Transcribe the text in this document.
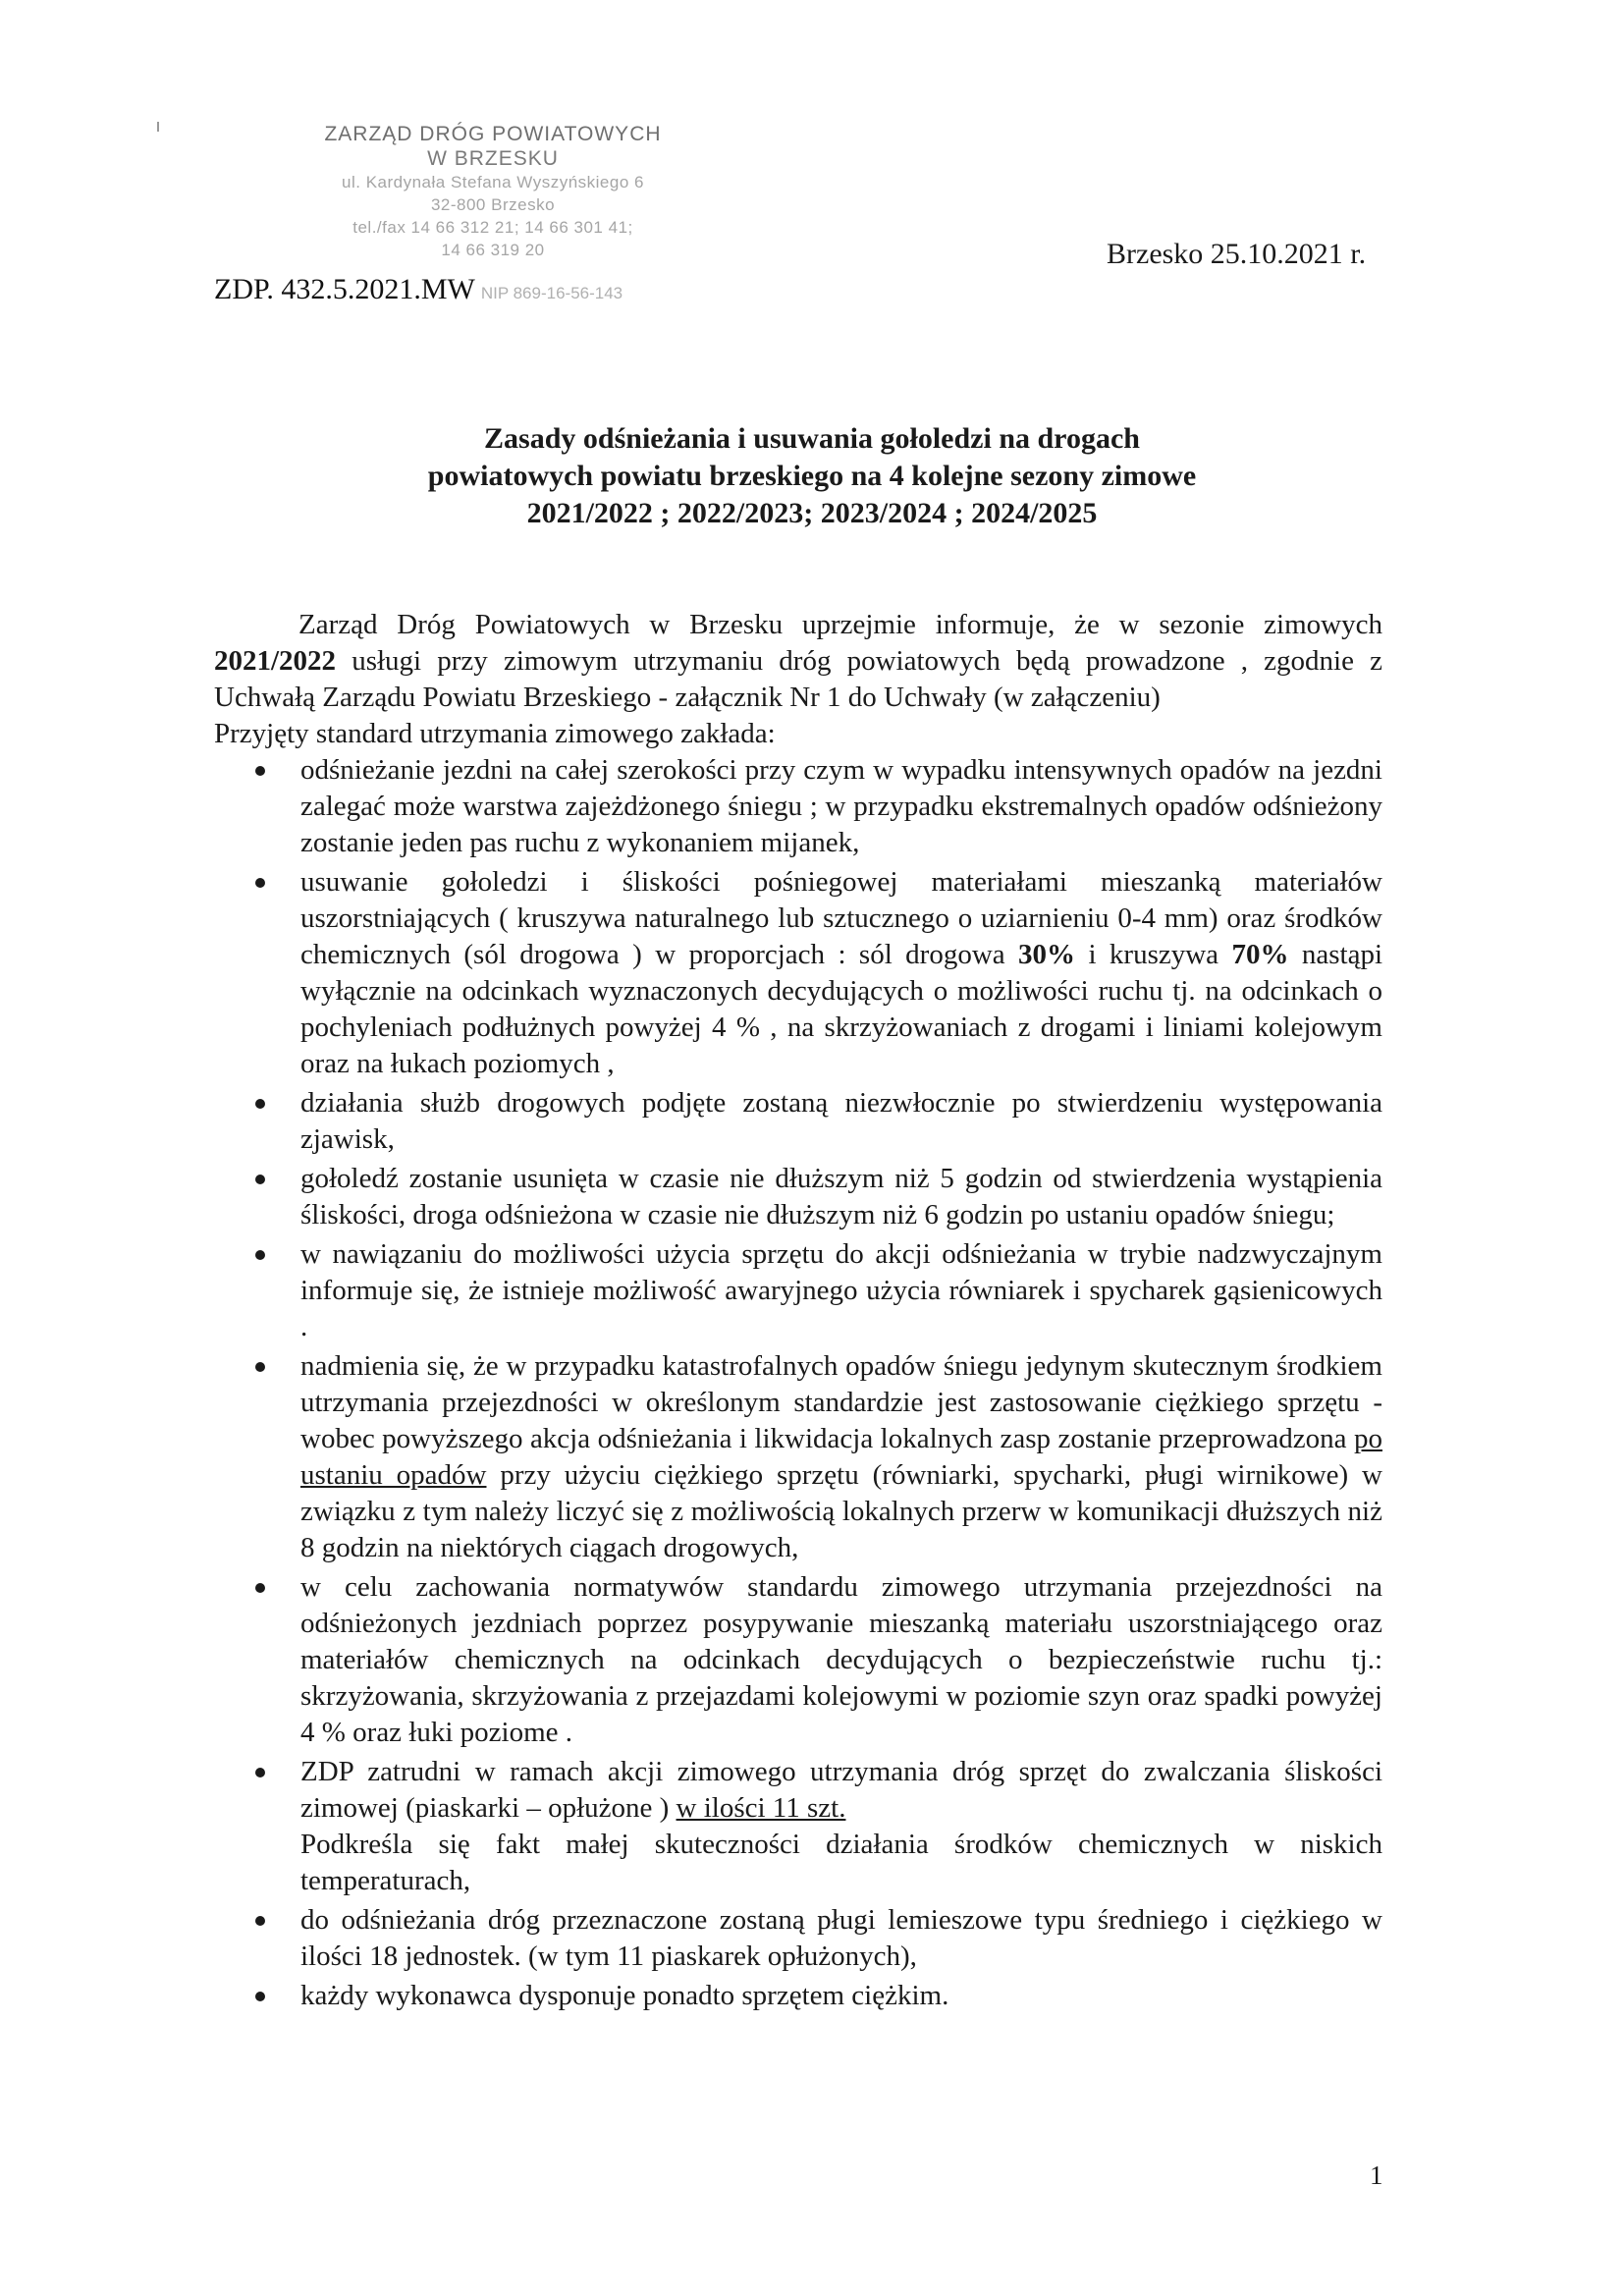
ZARZĄD DRÓG POWIATOWYCH
W BRZESKU
ul. Kardynała Stefana Wyszyńskiego 6
32-800 Brzesko
tel./fax 14 66 312 21; 14 66 301 41;
14 66 319 20
ZDP. 432.5.2021.MW NIP 869-16-56-143
Brzesko 25.10.2021 r.
Zasady odśnieżania i usuwania gołoledzi na drogach
powiatowych powiatu brzeskiego na 4 kolejne sezony zimowe
2021/2022 ; 2022/2023; 2023/2024 ; 2024/2025

Zarząd Dróg Powiatowych w Brzesku uprzejmie informuje, że w sezonie zimowych 2021/2022 usługi przy zimowym utrzymaniu dróg powiatowych będą prowadzone , zgodnie z Uchwałą Zarządu Powiatu Brzeskiego - załącznik Nr 1 do Uchwały (w załączeniu)

Przyjęty standard utrzymania zimowego zakłada:

odśnieżanie jezdni na całej szerokości przy czym w wypadku intensywnych opadów na jezdni zalegać może warstwa zajeżdżonego śniegu ; w przypadku ekstremalnych opadów odśnieżony zostanie jeden pas ruchu z wykonaniem mijanek,
usuwanie gołoledzi i śliskości pośniegowej materiałami mieszanką materiałów uszorstniających ( kruszywa naturalnego lub sztucznego o uziarnieniu 0-4 mm) oraz środków chemicznych (sól drogowa ) w proporcjach : sól drogowa 30% i kruszywa 70% nastąpi wyłącznie na odcinkach wyznaczonych decydujących o możliwości ruchu tj. na odcinkach o pochyleniach podłużnych powyżej 4 % , na skrzyżowaniach z drogami i liniami kolejowym oraz na łukach poziomych ,
działania służb drogowych podjęte zostaną niezwłocznie po stwierdzeniu występowania zjawisk,
gołoledź zostanie usunięta w czasie nie dłuższym niż 5 godzin od stwierdzenia wystąpienia śliskości, droga odśnieżona w czasie nie dłuższym niż 6 godzin po ustaniu opadów śniegu;
w nawiązaniu do możliwości użycia sprzętu do akcji odśnieżania w trybie nadzwyczajnym informuje się, że istnieje możliwość awaryjnego użycia równiarek i spycharek gąsienicowych .
nadmienia się, że w przypadku katastrofalnych opadów śniegu jedynym skutecznym środkiem utrzymania przejezdności w określonym standardzie jest zastosowanie ciężkiego sprzętu - wobec powyższego akcja odśnieżania i likwidacja lokalnych zasp zostanie przeprowadzona po ustaniu opadów przy użyciu ciężkiego sprzętu (równiarki, spycharki, pługi wirnikowe) w związku z tym należy liczyć się z możliwością lokalnych przerw w komunikacji dłuższych niż 8 godzin na niektórych ciągach drogowych,
w celu zachowania normatywów standardu zimowego utrzymania przejezdności na odśnieżonych jezdniach poprzez posypywanie mieszanką materiału uszorstniającego oraz materiałów chemicznych na odcinkach decydujących o bezpieczeństwie ruchu tj.: skrzyżowania, skrzyżowania z przejazdami kolejowymi w poziomie szyn oraz spadki powyżej 4 % oraz łuki poziome .
ZDP zatrudni w ramach akcji zimowego utrzymania dróg sprzęt do zwalczania śliskości zimowej (piaskarki – opłużone ) w ilości 11 szt.
Podkreśla się fakt małej skuteczności działania środków chemicznych w niskich temperaturach,
do odśnieżania dróg przeznaczone zostaną pługi lemieszowe typu średniego i ciężkiego w ilości 18 jednostek. (w tym 11 piaskarek opłużonych),
każdy wykonawca dysponuje ponadto sprzętem ciężkim.
1
